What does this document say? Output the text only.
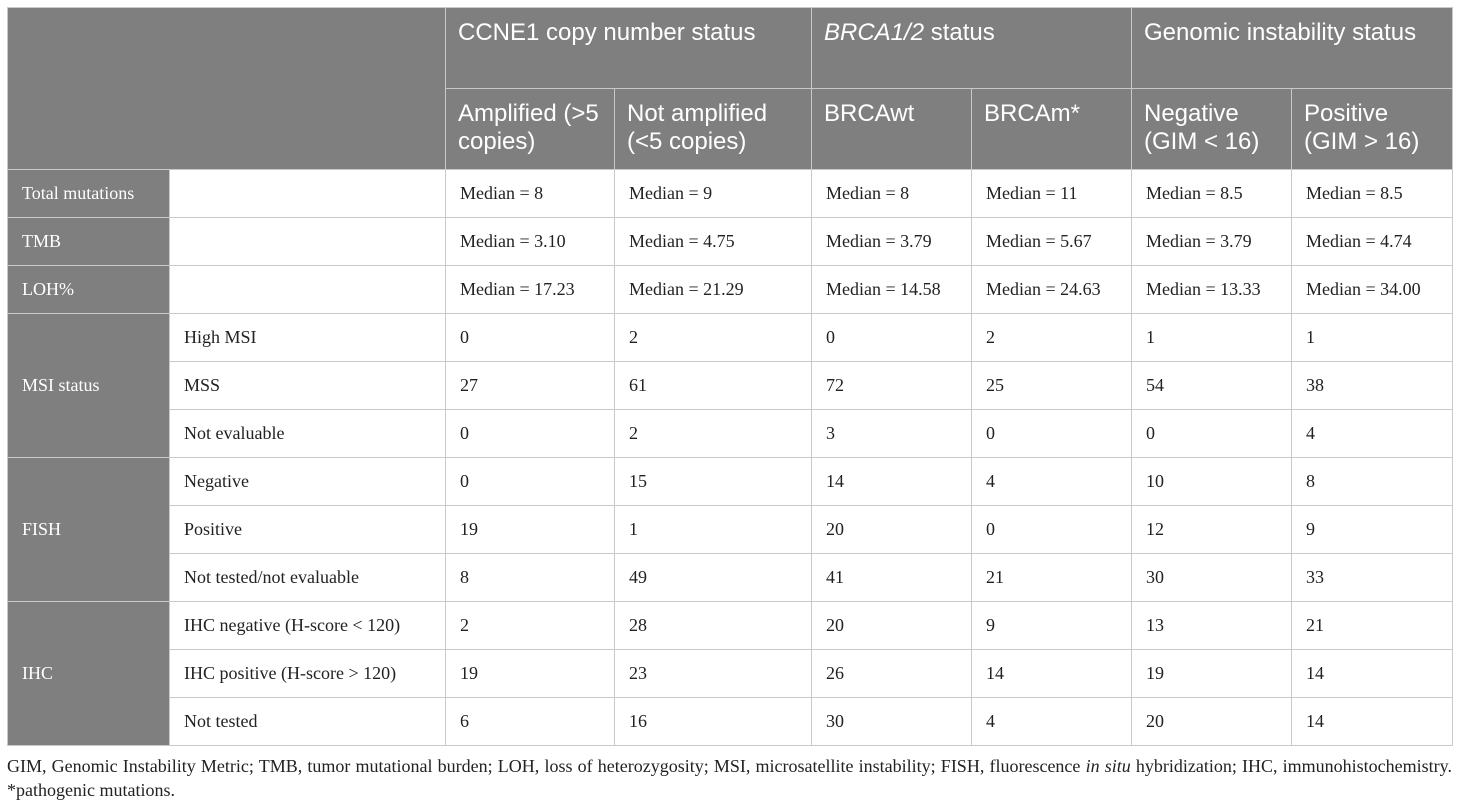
		CCNE1 copy number status		BRCA1/2 status		Genomic instability status	
		Amplified (>5 copies)	Not amplified (<5 copies)	BRCAwt	BRCAm*	Negative (GIM < 16)	Positive (GIM > 16)
Total mutations		Median = 8	Median = 9	Median = 8	Median = 11	Median = 8.5	Median = 8.5
TMB		Median = 3.10	Median = 4.75	Median = 3.79	Median = 5.67	Median = 3.79	Median = 4.74
LOH%		Median = 17.23	Median = 21.29	Median = 14.58	Median = 24.63	Median = 13.33	Median = 34.00
MSI status	High MSI	0	2	0	2	1	1
	MSS	27	61	72	25	54	38
	Not evaluable	0	2	3	0	0	4
FISH	Negative	0	15	14	4	10	8
	Positive	19	1	20	0	12	9
	Not tested/not evaluable	8	49	41	21	30	33
IHC	IHC negative (H-score < 120)	2	28	20	9	13	21
	IHC positive (H-score > 120)	19	23	26	14	19	14
	Not tested	6	16	30	4	20	14
GIM, Genomic Instability Metric; TMB, tumor mutational burden; LOH, loss of heterozygosity; MSI, microsatellite instability; FISH, fluorescence in situ hybridization; IHC, immunohistochemistry. *pathogenic mutations.
